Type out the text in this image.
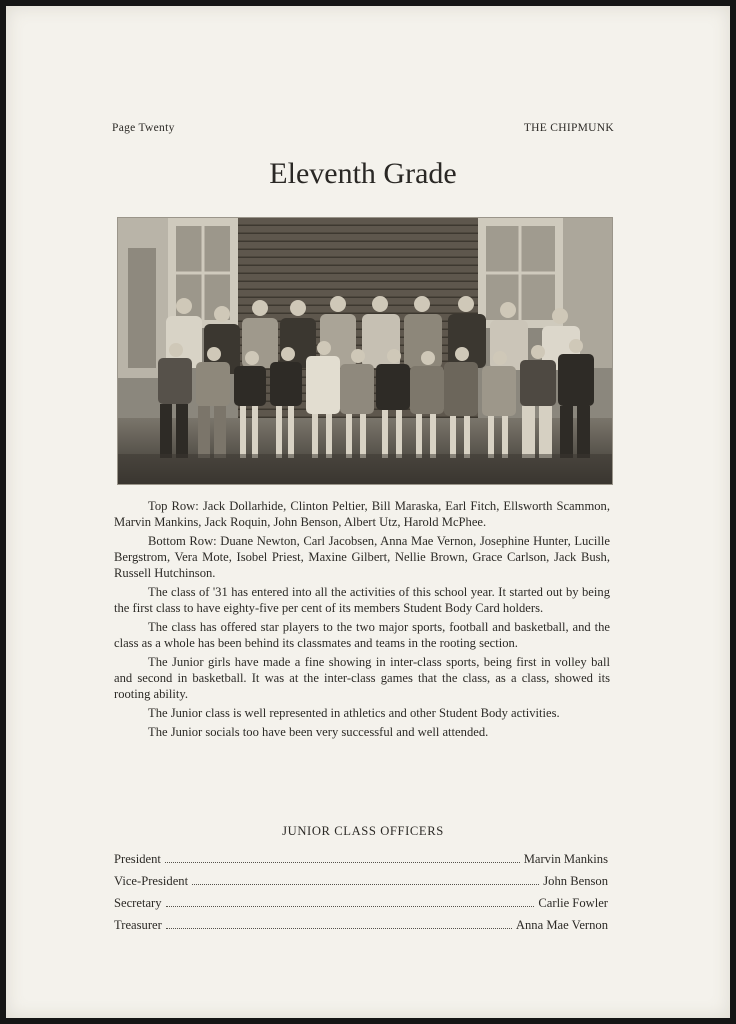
Page Twenty	THE CHIPMUNK
Eleventh Grade

Top Row: Jack Dollarhide, Clinton Peltier, Bill Maraska, Earl Fitch, Ellsworth Scammon, Marvin Mankins, Jack Roquin, John Benson, Albert Utz, Harold McPhee.

Bottom Row: Duane Newton, Carl Jacobsen, Anna Mae Vernon, Josephine Hunter, Lucille Bergstrom, Vera Mote, Isobel Priest, Maxine Gilbert, Nellie Brown, Grace Carlson, Jack Bush, Russell Hutchinson.

The class of '31 has entered into all the activities of this school year. It started out by being the first class to have eighty-five per cent of its members Student Body Card holders.

The class has offered star players to the two major sports, football and basketball, and the class as a whole has been behind its classmates and teams in the rooting section.

The Junior girls have made a fine showing in inter-class sports, being first in volley ball and second in basketball. It was at the inter-class games that the class, as a class, showed its rooting ability.

The Junior class is well represented in athletics and other Student Body activities.

The Junior socials too have been very successful and well attended.

JUNIOR CLASS OFFICERS
President	Marvin Mankins
Vice-President	John Benson
Secretary	Carlie Fowler
Treasurer	Anna Mae Vernon
